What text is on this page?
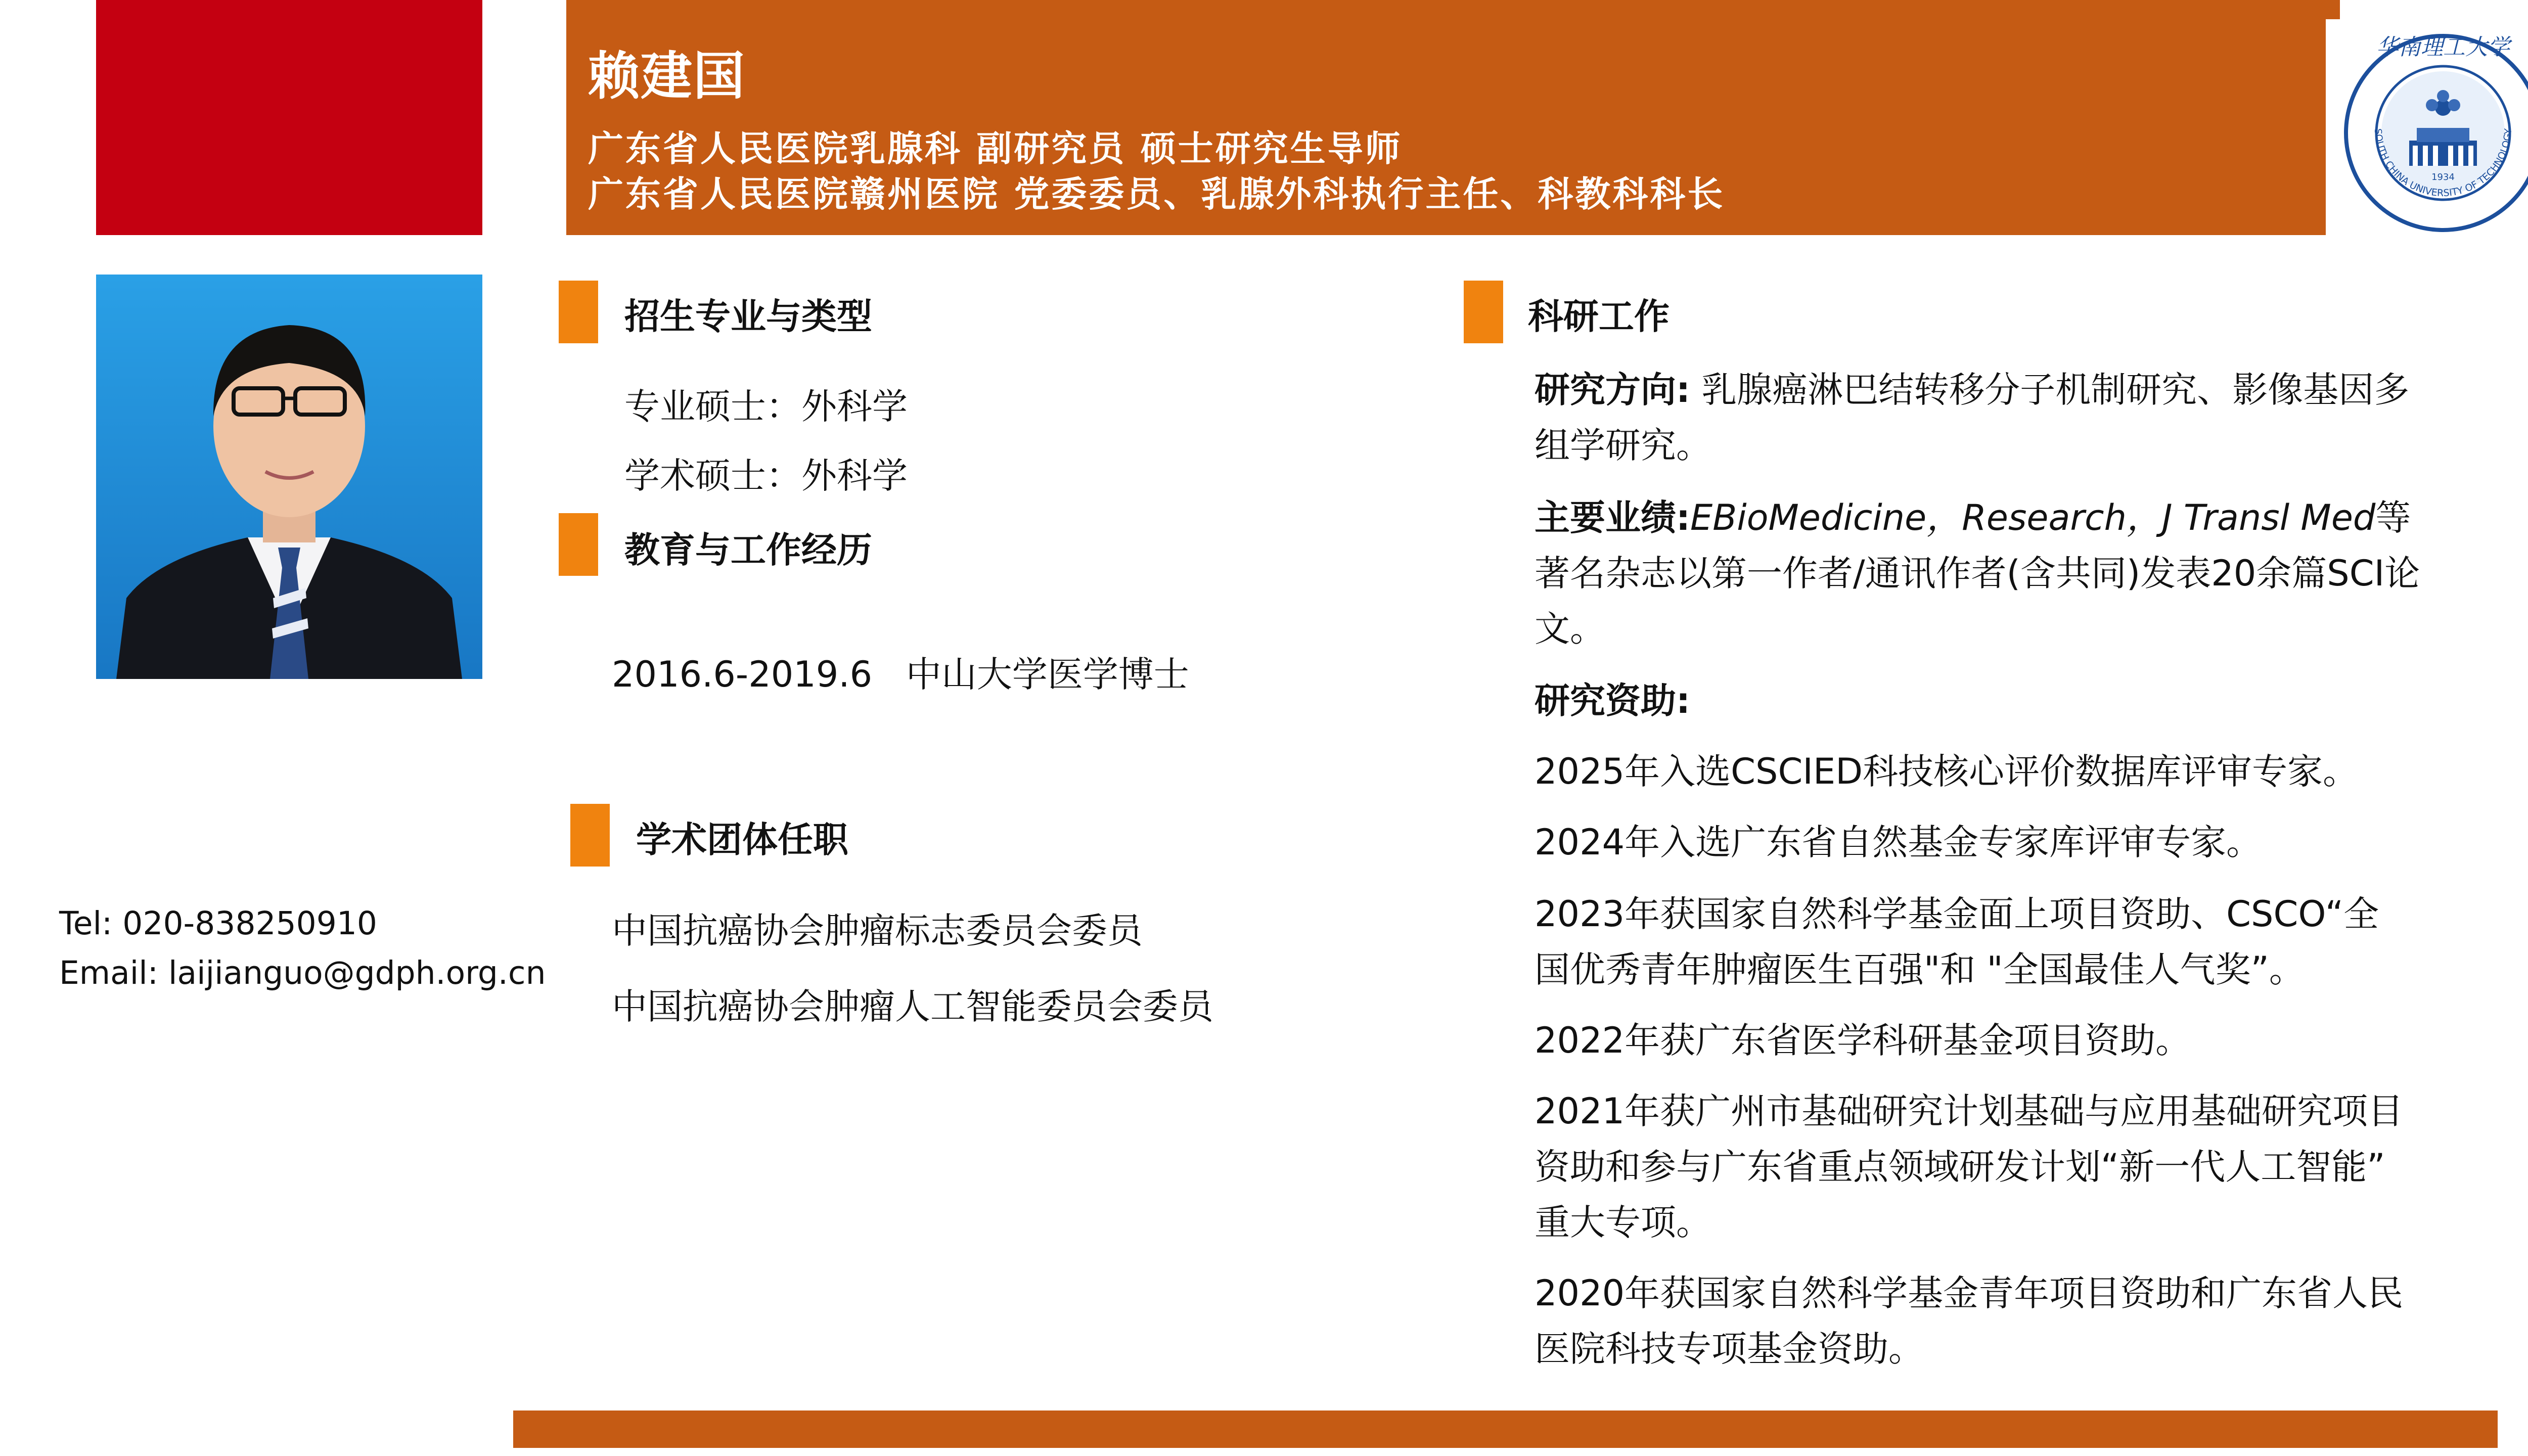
赖建国
广东省人民医院乳腺科 副研究员 硕士研究生导师
广东省人民医院赣州医院 党委委员、乳腺外科执行主任、科教科科长	1934
华南理工大学
SOUTH CHINA UNIVERSITY OF TECHNOLOGY
Tel: 020-838250910
Email: laijianguo@gdph.org.cn
招生专业与类型
专业硕士：外科学
学术硕士：外科学
教育与工作经历
2016.6-2019.6   中山大学医学博士
学术团体任职
中国抗癌协会肿瘤标志委员会委员
中国抗癌协会肿瘤人工智能委员会委员
科研工作
研究方向: 乳腺癌淋巴结转移分子机制研究、影像基因多
组学研究。
主要业绩:EBioMedicine，Research，J Transl Med等
著名杂志以第一作者/通讯作者(含共同)发表20余篇SCI论
文。
研究资助:
2025年入选CSCIED科技核心评价数据库评审专家。
2024年入选广东省自然基金专家库评审专家。
2023年获国家自然科学基金面上项目资助、CSCO“全
国优秀青年肿瘤医生百强"和 "全国最佳人气奖”。
2022年获广东省医学科研基金项目资助。
2021年获广州市基础研究计划基础与应用基础研究项目
资助和参与广东省重点领域研发计划“新一代人工智能”
重大专项。
2020年获国家自然科学基金青年项目资助和广东省人民
医院科技专项基金资助。
